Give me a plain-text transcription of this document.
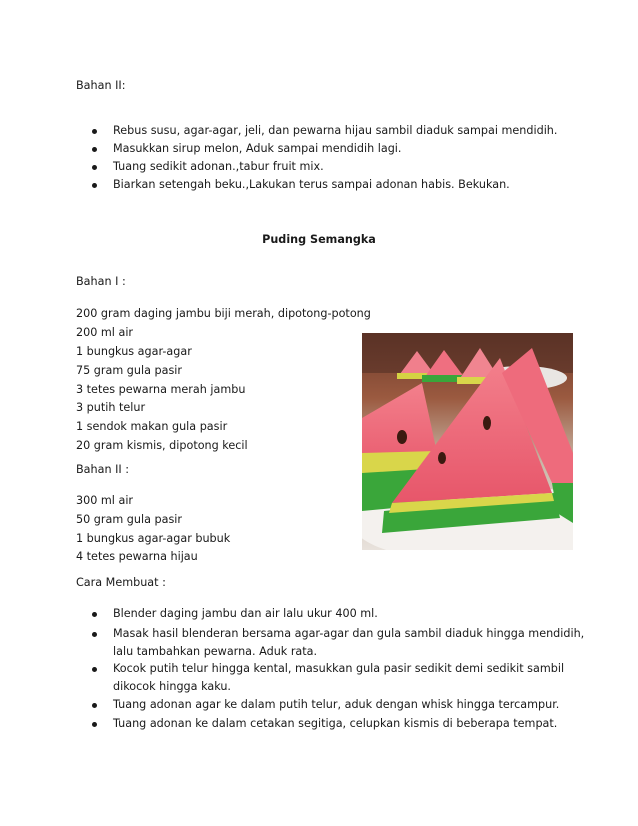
Bahan II:
Rebus susu, agar-agar, jeli, dan pewarna hijau sambil diaduk sampai mendidih.
Masukkan sirup melon, Aduk sampai mendidih lagi.
Tuang sedikit adonan.,tabur fruit mix.
Biarkan setengah beku.,Lakukan terus sampai adonan habis. Bekukan.
Puding Semangka
Bahan I :
200 gram daging jambu biji merah, dipotong-potong
200 ml air
1 bungkus agar-agar
75 gram gula pasir
3 tetes pewarna merah jambu
3 putih telur
1 sendok makan gula pasir
20 gram kismis, dipotong kecil
Bahan II :
300 ml air
50 gram gula pasir
1 bungkus agar-agar bubuk
4 tetes pewarna hijau
Cara Membuat :
Blender daging jambu dan air lalu ukur 400 ml.
Masak hasil blenderan bersama agar-agar dan gula sambil diaduk hingga mendidih,
lalu tambahkan pewarna. Aduk rata.
Kocok putih telur hingga kental, masukkan gula pasir sedikit demi sedikit sambil
dikocok hingga kaku.
Tuang adonan agar ke dalam putih telur, aduk dengan whisk hingga tercampur.
Tuang adonan ke dalam cetakan segitiga, celupkan kismis di beberapa tempat.
